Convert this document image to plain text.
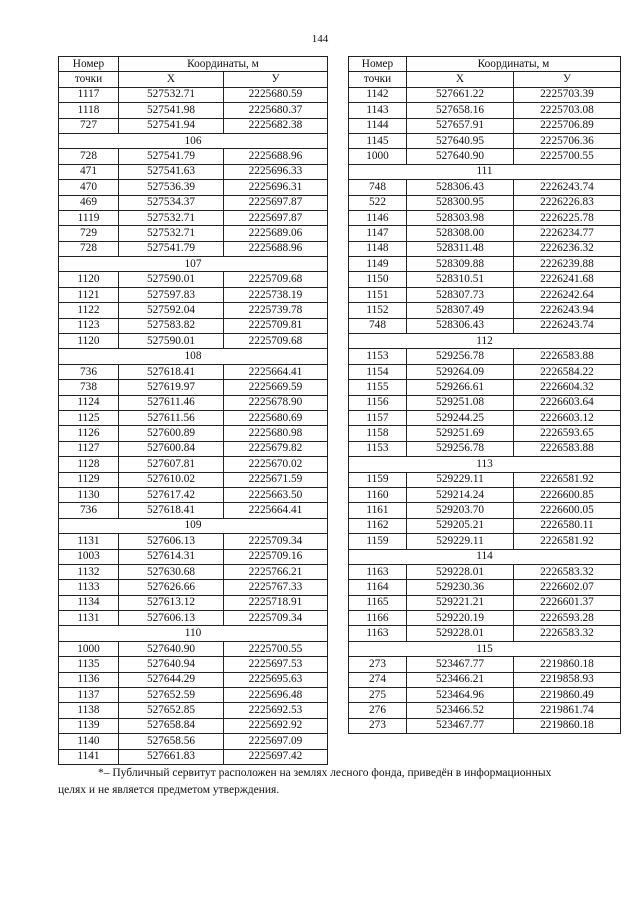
144
Номер	Координаты, м	
точки	X	У
1117	527532.71	2225680.59
1118	527541.98	2225680.37
727	527541.94	2225682.38
106		
728	527541.79	2225688.96
471	527541.63	2225696.33
470	527536.39	2225696.31
469	527534.37	2225697.87
1119	527532.71	2225697.87
729	527532.71	2225689.06
728	527541.79	2225688.96
107		
1120	527590.01	2225709.68
1121	527597.83	2225738.19
1122	527592.04	2225739.78
1123	527583.82	2225709.81
1120	527590.01	2225709.68
108		
736	527618.41	2225664.41
738	527619.97	2225669.59
1124	527611.46	2225678.90
1125	527611.56	2225680.69
1126	527600.89	2225680.98
1127	527600.84	2225679.82
1128	527607.81	2225670.02
1129	527610.02	2225671.59
1130	527617.42	2225663.50
736	527618.41	2225664.41
109		
1131	527606.13	2225709.34
1003	527614.31	2225709.16
1132	527630.68	2225766.21
1133	527626.66	2225767.33
1134	527613.12	2225718.91
1131	527606.13	2225709.34
110		
1000	527640.90	2225700.55
1135	527640.94	2225697.53
1136	527644.29	2225695.63
1137	527652.59	2225696.48
1138	527652.85	2225692.53
1139	527658.84	2225692.92
1140	527658.56	2225697.09
1141	527661.83	2225697.42
Номер	Координаты, м	
точки	X	У
1142	527661.22	2225703.39
1143	527658.16	2225703.08
1144	527657.91	2225706.89
1145	527640.95	2225706.36
1000	527640.90	2225700.55
111		
748	528306.43	2226243.74
522	528300.95	2226226.83
1146	528303.98	2226225.78
1147	528308.00	2226234.77
1148	528311.48	2226236.32
1149	528309.88	2226239.88
1150	528310.51	2226241.68
1151	528307.73	2226242.64
1152	528307.49	2226243.94
748	528306.43	2226243.74
112		
1153	529256.78	2226583.88
1154	529264.09	2226584.22
1155	529266.61	2226604.32
1156	529251.08	2226603.64
1157	529244.25	2226603.12
1158	529251.69	2226593.65
1153	529256.78	2226583.88
113		
1159	529229.11	2226581.92
1160	529214.24	2226600.85
1161	529203.70	2226600.05
1162	529205.21	2226580.11
1159	529229.11	2226581.92
114		
1163	529228.01	2226583.32
1164	529230.36	2226602.07
1165	529221.21	2226601.37
1166	529220.19	2226593.28
1163	529228.01	2226583.32
115		
273	523467.77	2219860.18
274	523466.21	2219858.93
275	523464.96	2219860.49
276	523466.52	2219861.74
273	523467.77	2219860.18
*– Публичный сервитут расположен на землях лесного фонда, приведён в информационных
целях и не является предметом утверждения.
